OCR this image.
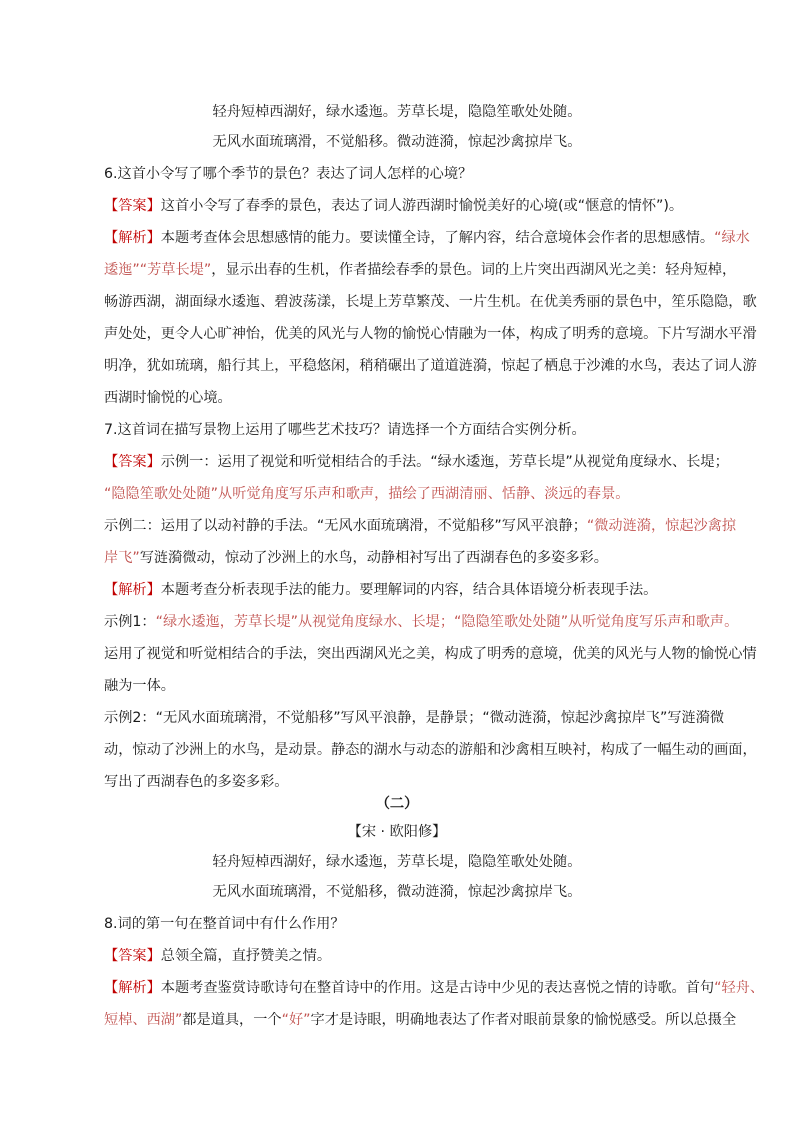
轻舟短棹西湖好，绿水逶迤。芳草长堤，隐隐笙歌处处随。
无风水面琉璃滑，不觉船移。微动涟漪，惊起沙禽掠岸飞。
6.这首小令写了哪个季节的景色？表达了词人怎样的心境？
【答案】这首小令写了春季的景色，表达了词人游西湖时愉悦美好的心境(或“惬意的情怀”)。
【解析】本题考查体会思想感情的能力。要读懂全诗，了解内容，结合意境体会作者的思想感情。“绿水
逶迤”“芳草长堤”，显示出春的生机，作者描绘春季的景色。词的上片突出西湖风光之美：轻舟短棹，
畅游西湖，湖面绿水逶迤、碧波荡漾，长堤上芳草繁茂、一片生机。在优美秀丽的景色中，笙乐隐隐，歌
声处处，更令人心旷神怡，优美的风光与人物的愉悦心情融为一体，构成了明秀的意境。下片写湖水平滑
明净，犹如琉璃，船行其上，平稳悠闲，稍稍碾出了道道涟漪，惊起了栖息于沙滩的水鸟，表达了词人游
西湖时愉悦的心境。
7.这首词在描写景物上运用了哪些艺术技巧？请选择一个方面结合实例分析。
【答案】示例一：运用了视觉和听觉相结合的手法。“绿水逶迤，芳草长堤”从视觉角度绿水、长堤；
“隐隐笙歌处处随”从听觉角度写乐声和歌声，描绘了西湖清丽、恬静、淡远的春景。
示例二：运用了以动衬静的手法。“无风水面琉璃滑，不觉船移”写风平浪静；“微动涟漪，惊起沙禽掠
岸飞”写涟漪微动，惊动了沙洲上的水鸟，动静相衬写出了西湖春色的多姿多彩。
【解析】本题考查分析表现手法的能力。要理解词的内容，结合具体语境分析表现手法。
示例1：“绿水逶迤，芳草长堤”从视觉角度绿水、长堤；“隐隐笙歌处处随”从听觉角度写乐声和歌声。
运用了视觉和听觉相结合的手法，突出西湖风光之美，构成了明秀的意境，优美的风光与人物的愉悦心情
融为一体。
示例2：“无风水面琉璃滑，不觉船移”写风平浪静，是静景；“微动涟漪，惊起沙禽掠岸飞”写涟漪微
动，惊动了沙洲上的水鸟，是动景。静态的湖水与动态的游船和沙禽相互映衬，构成了一幅生动的画面，
写出了西湖春色的多姿多彩。
（二）
【宋 · 欧阳修】
轻舟短棹西湖好，绿水逶迤，芳草长堤，隐隐笙歌处处随。
无风水面琉璃滑，不觉船移，微动涟漪，惊起沙禽掠岸飞。
8.词的第一句在整首词中有什么作用？
【答案】总领全篇，直抒赞美之情。
【解析】本题考查鉴赏诗歌诗句在整首诗中的作用。这是古诗中少见的表达喜悦之情的诗歌。首句“轻舟、
短棹、西湖”都是道具，一个“好”字才是诗眼，明确地表达了作者对眼前景象的愉悦感受。所以总摄全
